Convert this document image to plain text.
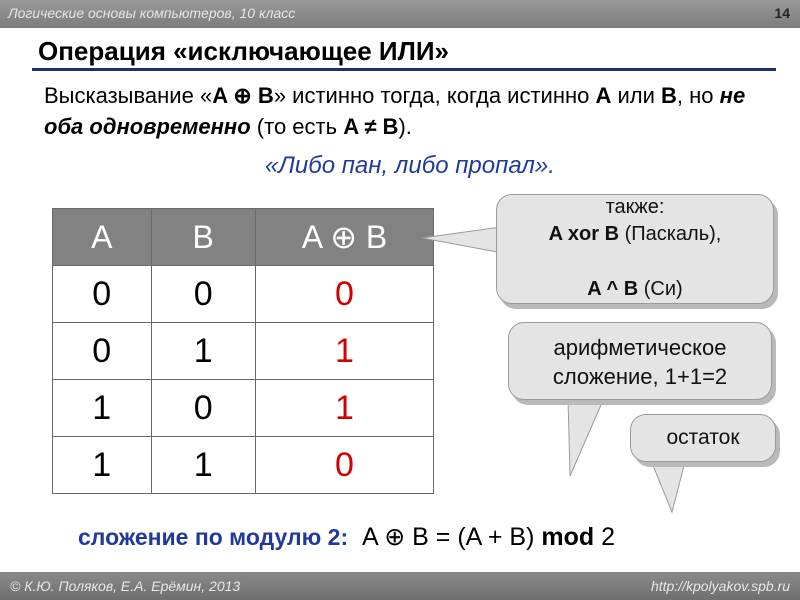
Логические основы компьютеров, 10 класс	14
Операция «исключающее ИЛИ»
Высказывание «A ⊕ B» истинно тогда, когда истинно A или B, но не оба одновременно (то есть A ≠ B).
«Либо пан, либо пропал».
A	B	A ⊕ B
0	0	0
0	1	1
1	0	1
1	1	0
также:
A xor B (Паскаль),
A ^ B (Си)
арифметическое
сложение, 1+1=2
остаток
сложение по модулю 2: A ⊕ B = (A + B) mod 2
© К.Ю. Поляков, Е.А. Ерёмин, 2013	http://kpolyakov.spb.ru
